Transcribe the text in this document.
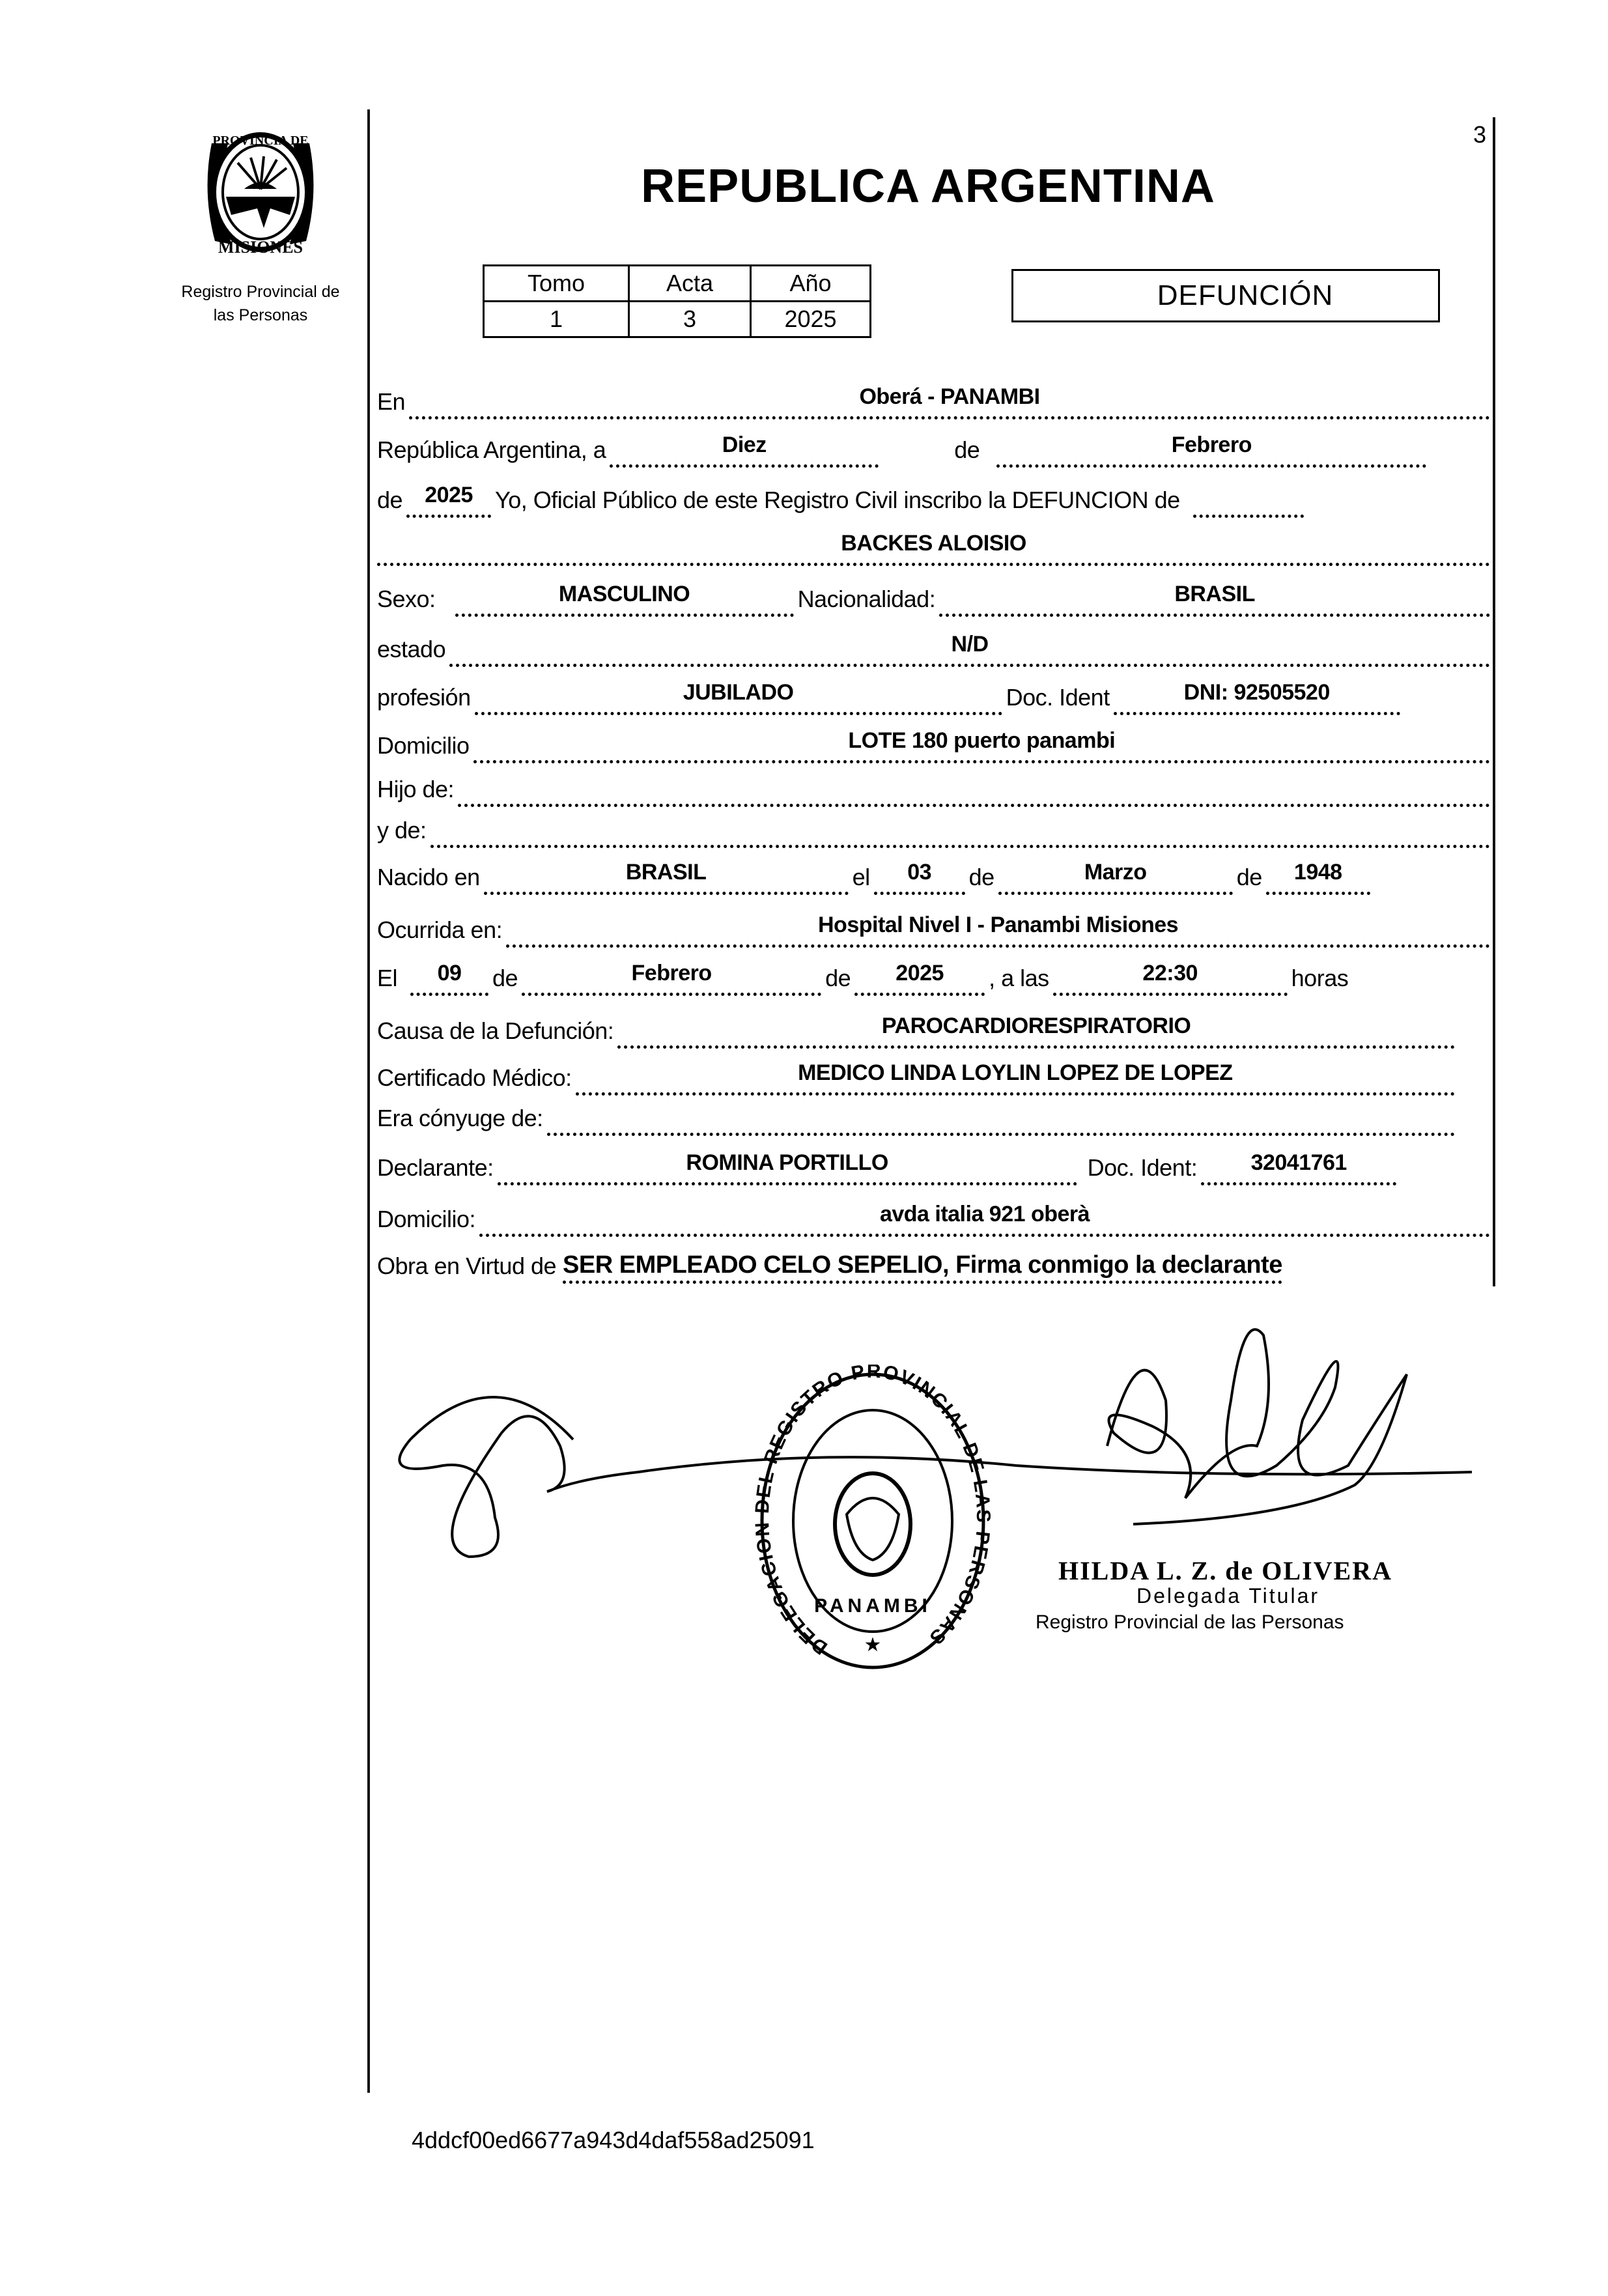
PROVINCIA DE
MISIONES
Registro Provincial de
las Personas
3
REPUBLICA ARGENTINA
Tomo	Acta	Año
1	3	2025
DEFUNCIÓN
En	Oberá - PANAMBI
República Argentina, a	Diez	de	Febrero
de	2025 Yo, Oficial Público de este Registro Civil inscribo la DEFUNCION de
BACKES ALOISIO
Sexo:	MASCULINO	Nacionalidad:	BRASIL
estado	N/D
profesión	JUBILADO	Doc. Ident	DNI: 92505520
Domicilio	LOTE 180 puerto panambi
Hijo de:
y de:
Nacido en	BRASIL	el	03	de	Marzo	de	1948
Ocurrida en:	Hospital Nivel I - Panambi Misiones
El	09	de	Febrero	de	2025	, a las	22:30	horas
Causa de la Defunción:	PAROCARDIORESPIRATORIO
Certificado Médico:	MEDICO LINDA LOYLIN LOPEZ DE LOPEZ
Era cónyuge de:
Declarante:	ROMINA PORTILLO	Doc. Ident:	32041761
Domicilio:	avda italia 921 oberà
Obra en Virtud de SER EMPLEADO CELO SEPELIO, Firma conmigo la declarante
DELEGACION DEL REGISTRO PROVINCIAL DE LAS PERSONAS
PANAMBI
★
HILDA L. Z. de OLIVERA
Delegada Titular
Registro Provincial de las Personas
4ddcf00ed6677a943d4daf558ad25091
